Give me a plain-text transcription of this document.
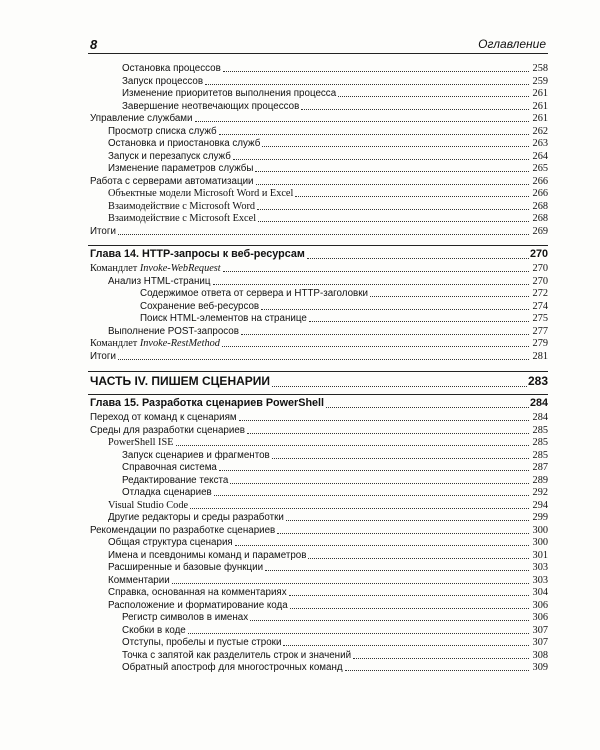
8	Оглавление
Остановка процессов	258
Запуск процессов	259
Изменение приоритетов выполнения процесса	261
Завершение неотвечающих процессов	261
Управление службами	261
Просмотр списка служб	262
Остановка и приостановка служб	263
Запуск и перезапуск служб	264
Изменение параметров службы	265
Работа с серверами автоматизации	266
Объектные модели Microsoft Word и Excel	266
Взаимодействие с Microsoft Word	268
Взаимодействие с Microsoft Excel	268
Итоги	269
Глава 14. HTTP-запросы к веб-ресурсам	270
Командлет Invoke-WebRequest	270
Анализ HTML-страниц	270
Содержимое ответа от сервера и HTTP-заголовки	272
Сохранение веб-ресурсов	274
Поиск HTML-элементов на странице	275
Выполнение POST-запросов	277
Командлет Invoke-RestMethod	279
Итоги	281
ЧАСТЬ IV. ПИШЕМ СЦЕНАРИИ	283
Глава 15. Разработка сценариев PowerShell	284
Переход от команд к сценариям	284
Среды для разработки сценариев	285
PowerShell ISE	285
Запуск сценариев и фрагментов	285
Справочная система	287
Редактирование текста	289
Отладка сценариев	292
Visual Studio Code	294
Другие редакторы и среды разработки	299
Рекомендации по разработке сценариев	300
Общая структура сценария	300
Имена и псевдонимы команд и параметров	301
Расширенные и базовые функции	303
Комментарии	303
Справка, основанная на комментариях	304
Расположение и форматирование кода	306
Регистр символов в именах	306
Скобки в коде	307
Отступы, пробелы и пустые строки	307
Точка с запятой как разделитель строк и значений	308
Обратный апостроф для многострочных команд	309
